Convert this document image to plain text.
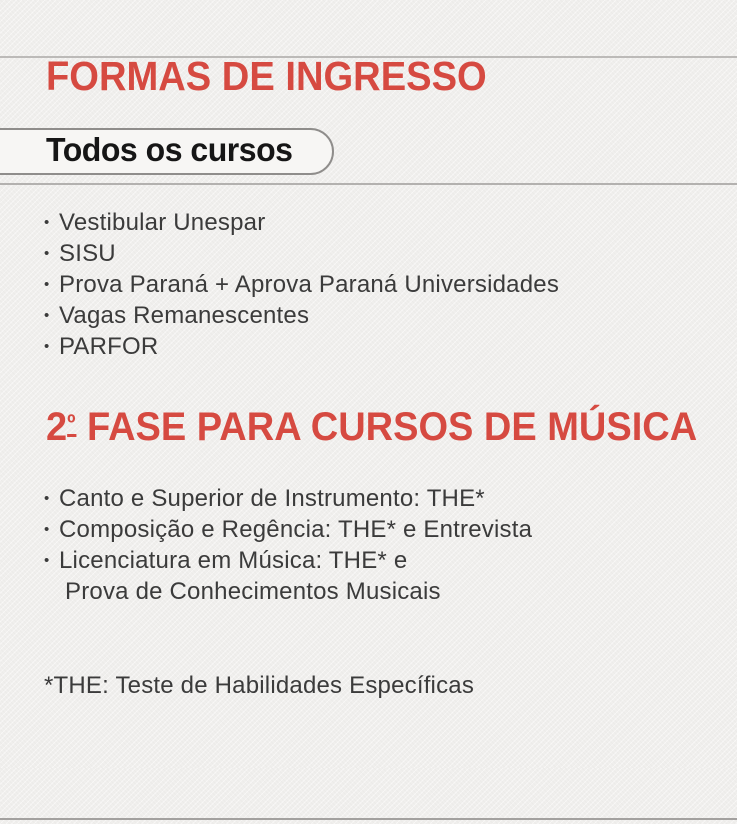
FORMAS DE INGRESSO
Todos os cursos
• Vestibular Unespar
• SISU
• Prova Paraná + Aprova Paraná Universidades
• Vagas Remanescentes
• PARFOR
$2^º$ FASE PARA CURSOS DE MÚSICA
• Canto e Superior de Instrumento: THE*
• Composição e Regência: THE* e Entrevista
• Licenciatura em Música: THE* e
Prova de Conhecimentos Musicais
*THE: Teste de Habilidades Específicas
